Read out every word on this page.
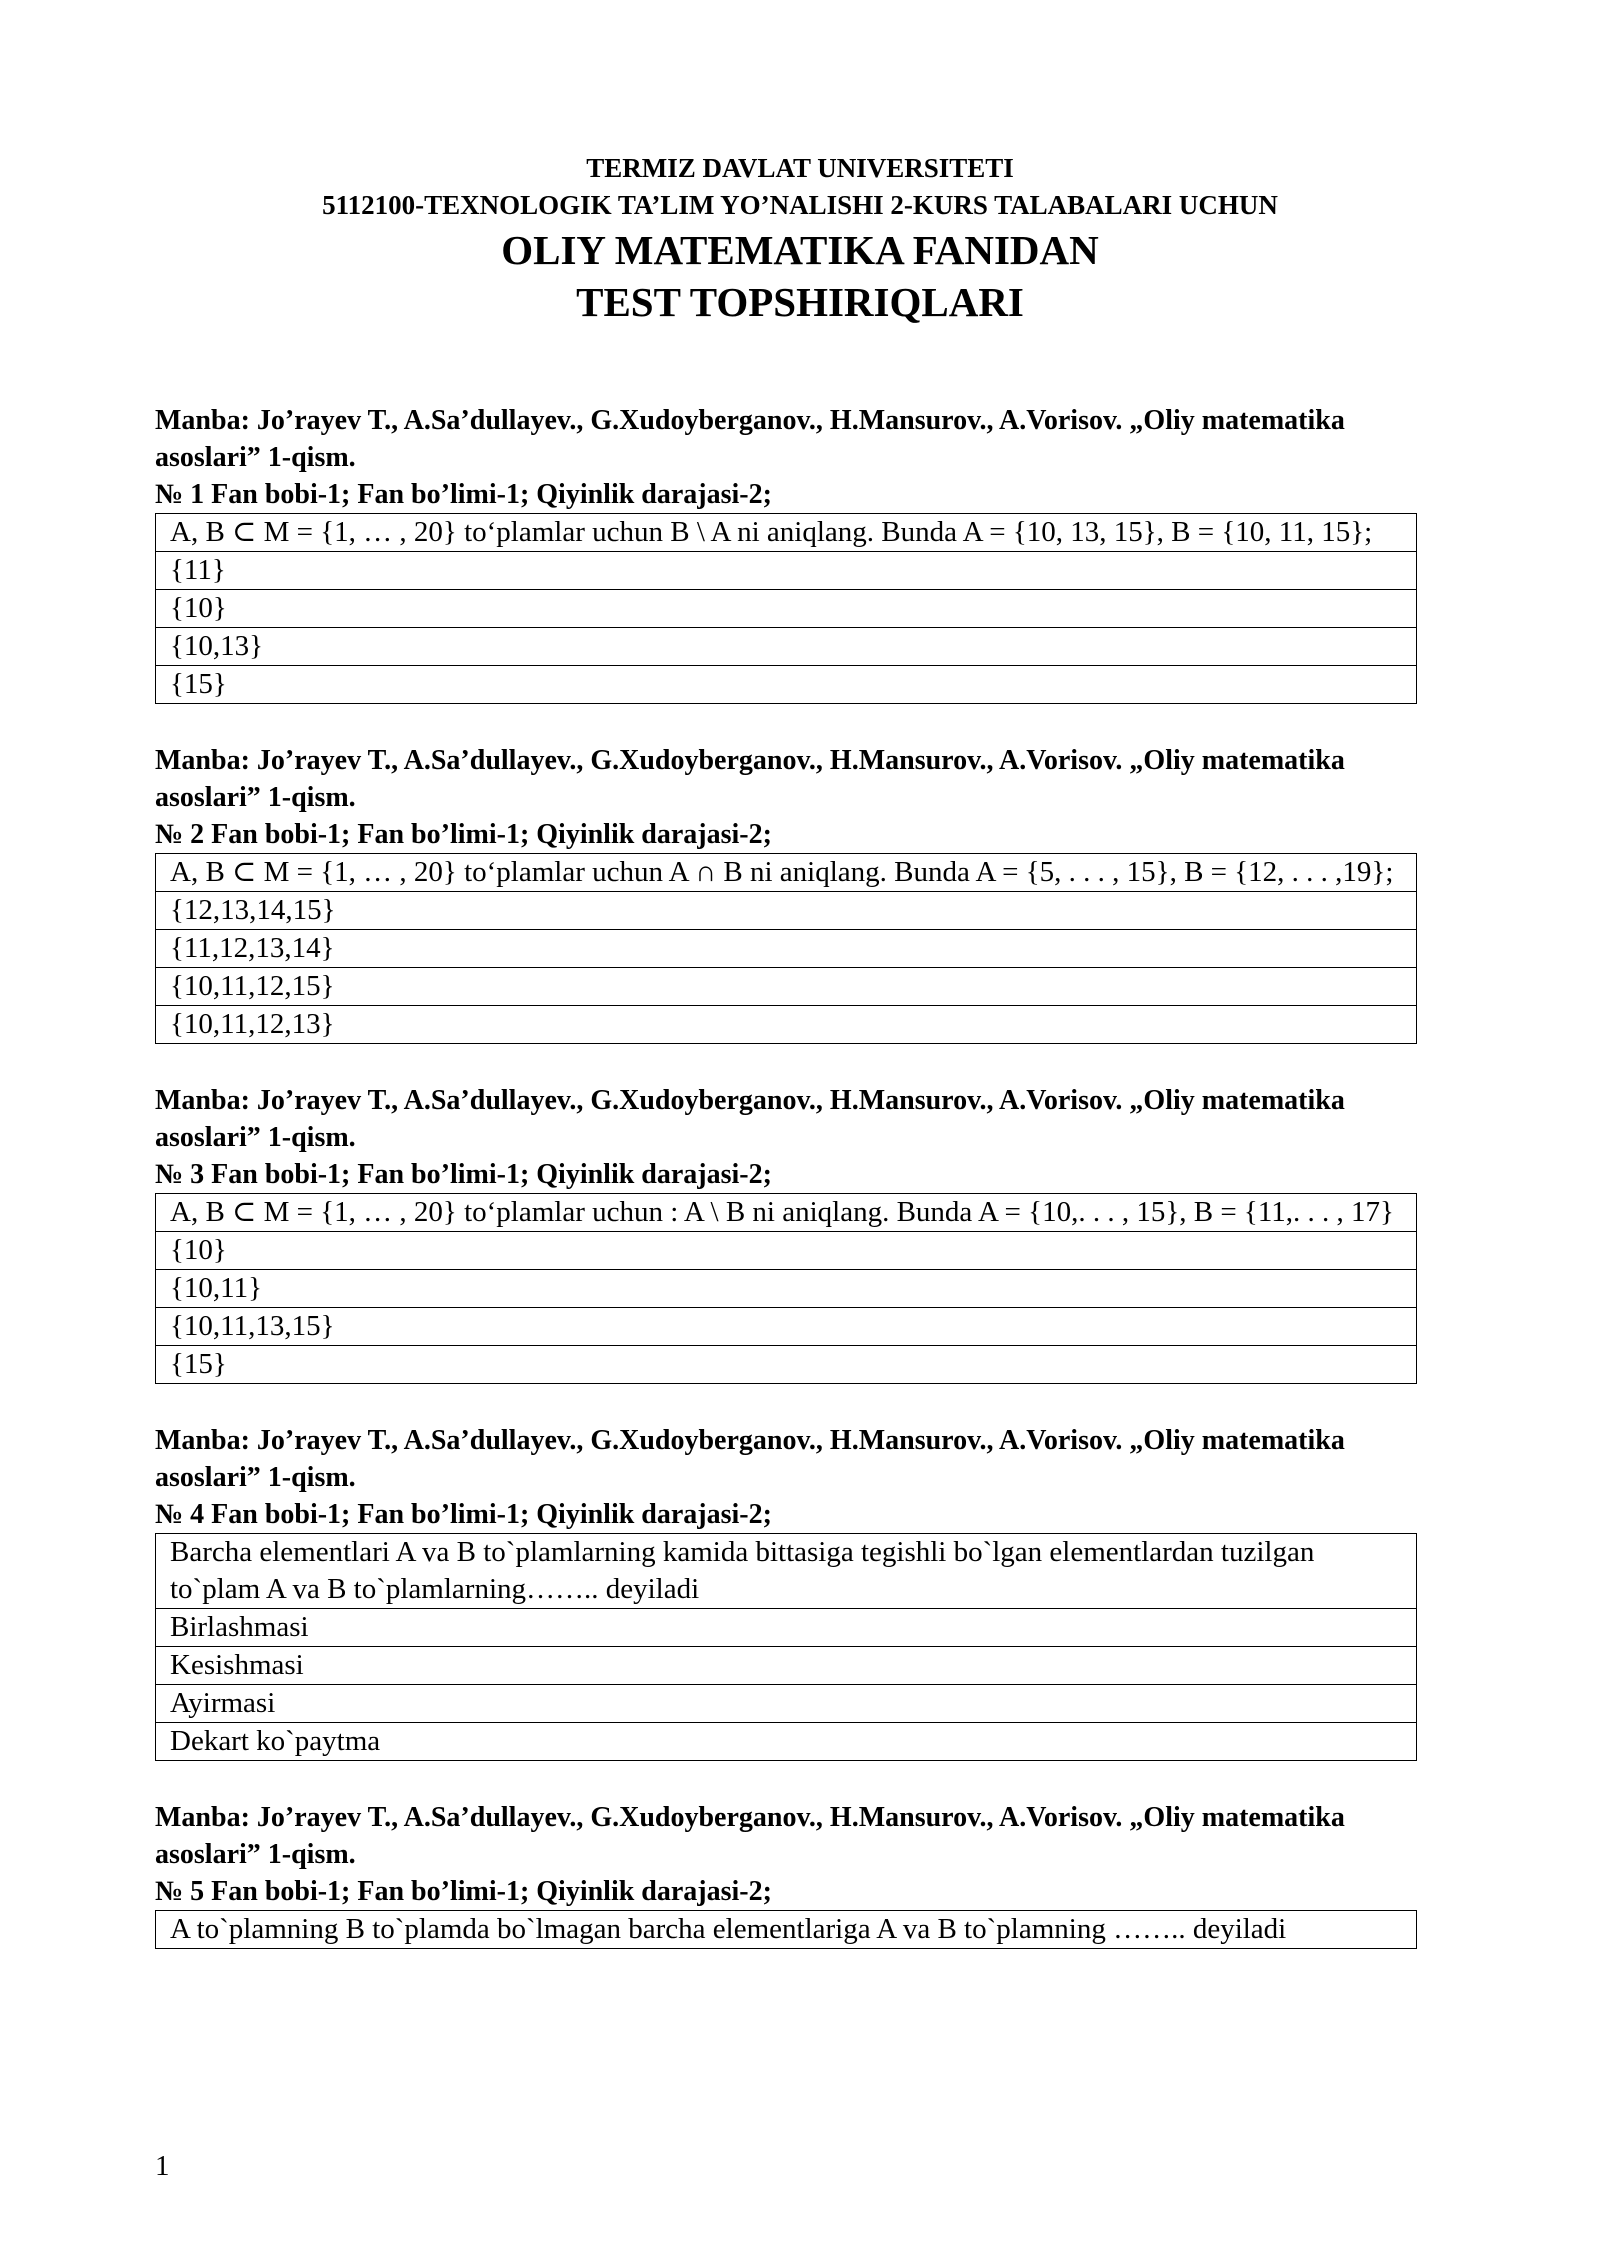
TERMIZ DAVLAT UNIVERSITETI
5112100-TEXNOLOGIK TA’LIM YO’NALISHI 2-KURS TALABALARI UCHUN
OLIY MATEMATIKA FANIDAN
TEST TOPSHIRIQLARI
Manba: Jo’rayev T., A.Sa’dullayev., G.Xudoyberganov., H.Mansurov., A.Vorisov. „Oliy matematika asoslari” 1-qism.
№ 1 Fan bobi-1; Fan bo’limi-1; Qiyinlik darajasi-2;
A, B ⊂ M = {1, … , 20} to‘plamlar uchun B \ A ni aniqlang. Bunda A = {10, 13, 15}, B = {10, 11, 15};
{11}
{10}
{10,13}
{15}
Manba: Jo’rayev T., A.Sa’dullayev., G.Xudoyberganov., H.Mansurov., A.Vorisov. „Oliy matematika asoslari” 1-qism.
№ 2 Fan bobi-1; Fan bo’limi-1; Qiyinlik darajasi-2;
A, B ⊂ M = {1, … , 20} to‘plamlar uchun A ∩ B ni aniqlang. Bunda A = {5, . . . , 15}, B = {12, . . . ,19};
{12,13,14,15}
{11,12,13,14}
{10,11,12,15}
{10,11,12,13}
Manba: Jo’rayev T., A.Sa’dullayev., G.Xudoyberganov., H.Mansurov., A.Vorisov. „Oliy matematika asoslari” 1-qism.
№ 3 Fan bobi-1; Fan bo’limi-1; Qiyinlik darajasi-2;
A, B ⊂ M = {1, … , 20} to‘plamlar uchun : A \ B ni aniqlang. Bunda A = {10,. . . , 15}, B = {11,. . . , 17}
{10}
{10,11}
{10,11,13,15}
{15}
Manba: Jo’rayev T., A.Sa’dullayev., G.Xudoyberganov., H.Mansurov., A.Vorisov. „Oliy matematika asoslari” 1-qism.
№ 4 Fan bobi-1; Fan bo’limi-1; Qiyinlik darajasi-2;
Barcha elementlari A va B to`plamlarning kamida bittasiga tegishli bo`lgan elementlardan tuzilgan to`plam A va B to`plamlarning…….. deyiladi
Birlashmasi
Kesishmasi
Ayirmasi
Dekart ko`paytma
Manba: Jo’rayev T., A.Sa’dullayev., G.Xudoyberganov., H.Mansurov., A.Vorisov. „Oliy matematika asoslari” 1-qism.
№ 5 Fan bobi-1; Fan bo’limi-1; Qiyinlik darajasi-2;
A to`plamning B to`plamda bo`lmagan barcha elementlariga A va B to`plamning …….. deyiladi
1
